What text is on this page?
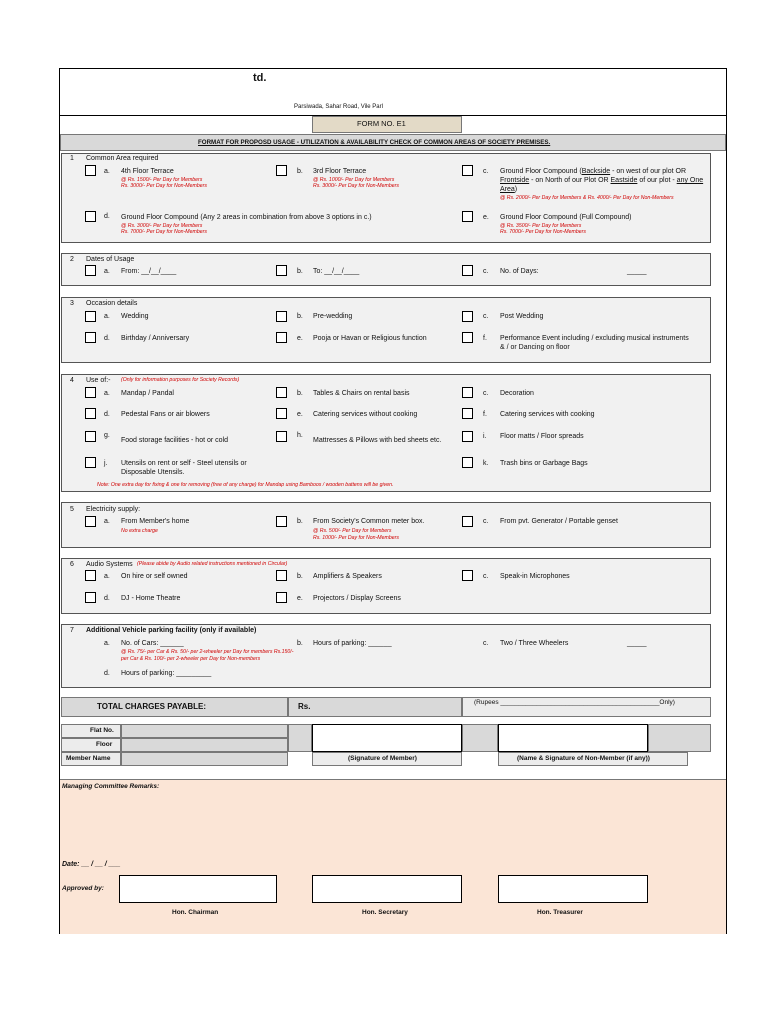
td.
Parsiwada, Sahar Road, Vile Parl
FORM NO. E1
FORMAT FOR PROPOSD USAGE - UTILIZATION & AVAILABILITY CHECK OF COMMON AREAS OF SOCIETY PREMISES.
1 Common Area required
a. 4th Floor Terrace
@ Rs. 1500/- Per Day for Members
Rs. 3000/- Per Day for Non-Members
b. 3rd Floor Terrace
@ Rs. 1000/- Per Day for Members
Rs. 3000/- Per Day for Non-Members
c. Ground Floor Compound (Backside - on west of our plot OR
Frontside - on North of our Plot OR Eastside of our plot - any One
Area)
@ Rs. 2000/- Per Day for Members & Rs. 4000/- Per Day for Non-Members
d. Ground Floor Compound (Any 2 areas in combination from above 3 options in c.)
@ Rs. 3000/- Per Day for Members
Rs. 7000/- Per Day for Non-Members
e. Ground Floor Compound (Full Compound)
@ Rs. 3500/- Per Day for Members
Rs. 7000/- Per Day for Non-Members
2 Dates of Usage
a. From: __/__/____	b. To: __/__/____	c. No. of Days:	_____
3 Occasion details
a. Wedding	b. Pre-wedding	c. Post Wedding
d. Birthday / Anniversary	e. Pooja or Havan or Religious function	f. Performance Event including / excluding musical instruments
& / or Dancing on floor
4 Use of:- (Only for information purposes for Society Records)
a. Mandap / Pandal	b. Tables & Chairs on rental basis	c. Decoration
d. Pedestal Fans or air blowers	e. Catering services without cooking	f. Catering services with cooking
g.
Food storage facilities - hot or cold
h.
Mattresses & Pillows with bed sheets etc.
i. Floor matts / Floor spreads
j. Utensils on rent or self - Steel utensils or
Disposable Utensils.
k. Trash bins or Garbage Bags
Note: One extra day for fixing & one for removing (free of any charge) for Mandap using Bamboos / wooden battens will be given.
5 Electricity supply:
a. From Member's home
No extra charge
b. From Society's Common meter box.
@ Rs. 500/- Per Day for Members
Rs. 1000/- Per Day for Non-Members
c. From pvt. Generator / Portable genset
6 Audio Systems (Please abide by Audio related instructions mentioned in Circular)
a. On hire or self owned	b. Amplifiers & Speakers	c. Speak-in Microphones
d. DJ - Home Theatre	e. Projectors / Display Screens
7 Additional Vehicle parking facility (only if available)
a. No. of Cars: ______
@ Rs. 75/- per Car & Rs. 50/- per 2-wheeler per Day for members Rs.150/-
per Car & Rs. 100/- per 2-wheeler per Day for Non-members
b. Hours of parking: ______	c. Two / Three Wheelers	_____
d. Hours of parking: _________
TOTAL CHARGES PAYABLE:	Rs.	(Rupees ____________________________________________Only)
Flat No.
Floor
Member Name	(Signature of Member)	(Name & Signature of Non-Member (if any))
Managing Committee Remarks:
Date: __ / __ / ___
Approved by:
Hon. Chairman	Hon. Secretary	Hon. Treasurer
